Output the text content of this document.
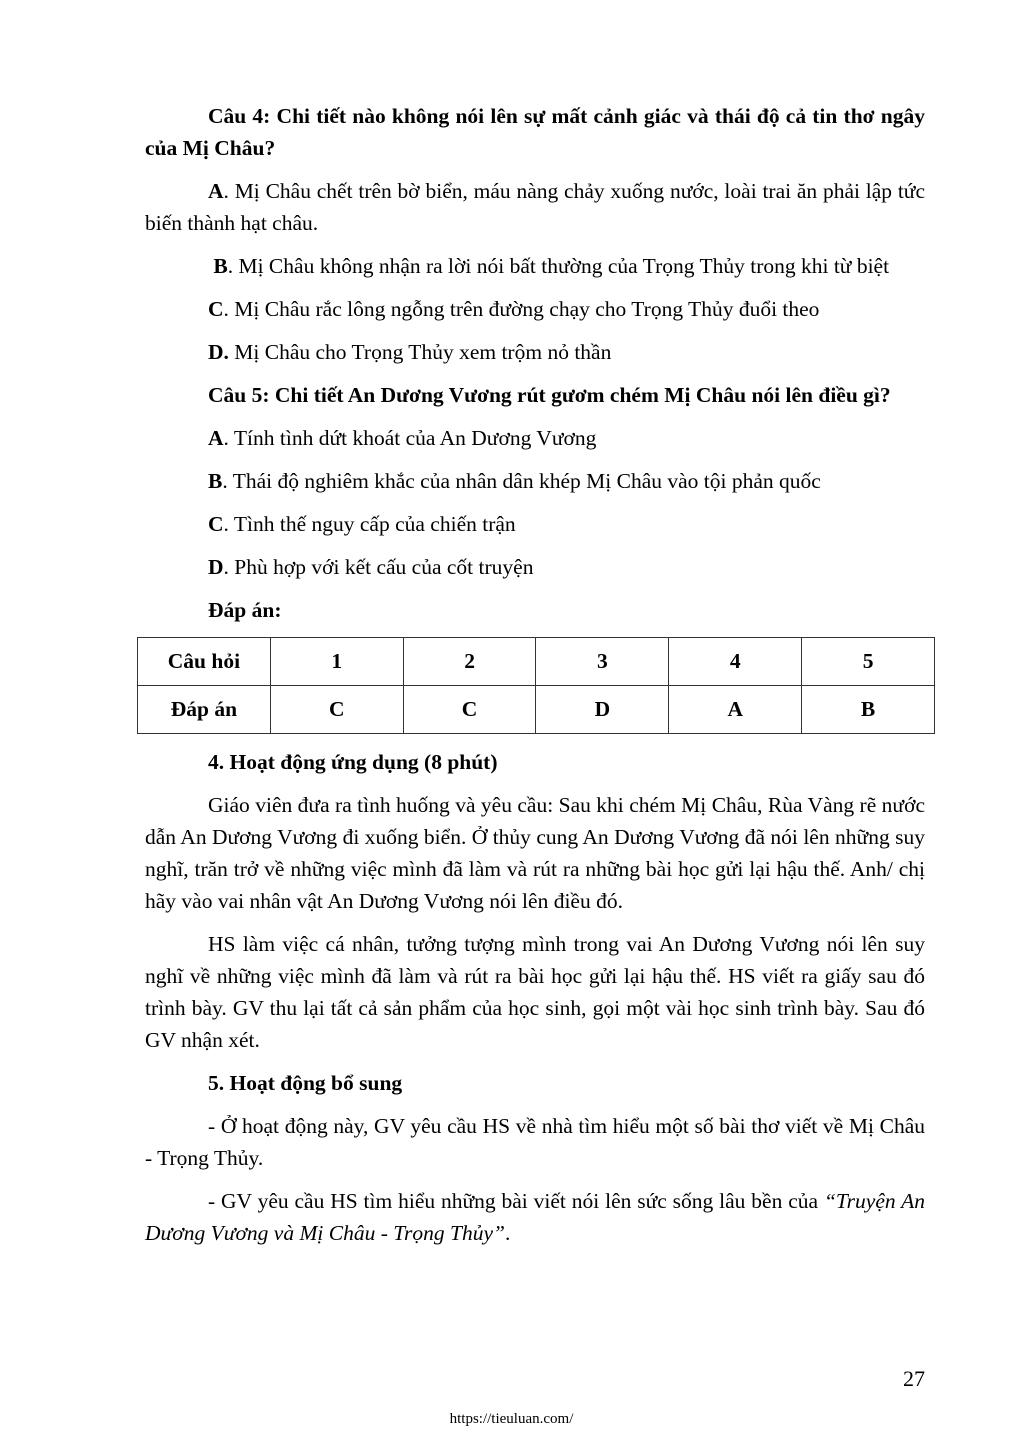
Câu 4: Chi tiết nào không nói lên sự mất cảnh giác và thái độ cả tin thơ ngây của Mị Châu?

A. Mị Châu chết trên bờ biển, máu nàng chảy xuống nước, loài trai ăn phải lập tức biến thành hạt châu.

B. Mị Châu không nhận ra lời nói bất thường của Trọng Thủy trong khi từ biệt

C. Mị Châu rắc lông ngỗng trên đường chạy cho Trọng Thủy đuổi theo

D. Mị Châu cho Trọng Thủy xem trộm nỏ thần

Câu 5: Chi tiết An Dương Vương rút gươm chém Mị Châu nói lên điều gì?

A. Tính tình dứt khoát của An Dương Vương

B. Thái độ nghiêm khắc của nhân dân khép Mị Châu vào tội phản quốc

C. Tình thế nguy cấp của chiến trận

D. Phù hợp với kết cấu của cốt truyện

Đáp án:

Câu hỏi	1	2	3	4	5
Đáp án	C	C	D	A	B

4. Hoạt động ứng dụng (8 phút)

Giáo viên đưa ra tình huống và yêu cầu: Sau khi chém Mị Châu, Rùa Vàng rẽ nước dẫn An Dương Vương đi xuống biển. Ở thủy cung An Dương Vương đã nói lên những suy nghĩ, trăn trở về những việc mình đã làm và rút ra những bài học gửi lại hậu thế. Anh/ chị hãy vào vai nhân vật An Dương Vương nói lên điều đó.

HS làm việc cá nhân, tưởng tượng mình trong vai An Dương Vương nói lên suy nghĩ về những việc mình đã làm và rút ra bài học gửi lại hậu thế. HS viết ra giấy sau đó trình bày. GV thu lại tất cả sản phẩm của học sinh, gọi một vài học sinh trình bày. Sau đó GV nhận xét.

5. Hoạt động bổ sung

- Ở hoạt động này, GV yêu cầu HS về nhà tìm hiểu một số bài thơ viết về Mị Châu - Trọng Thủy.

- GV yêu cầu HS tìm hiểu những bài viết nói lên sức sống lâu bền của “Truyện An Dương Vương và Mị Châu - Trọng Thủy”.

27
https://tieuluan.com/
